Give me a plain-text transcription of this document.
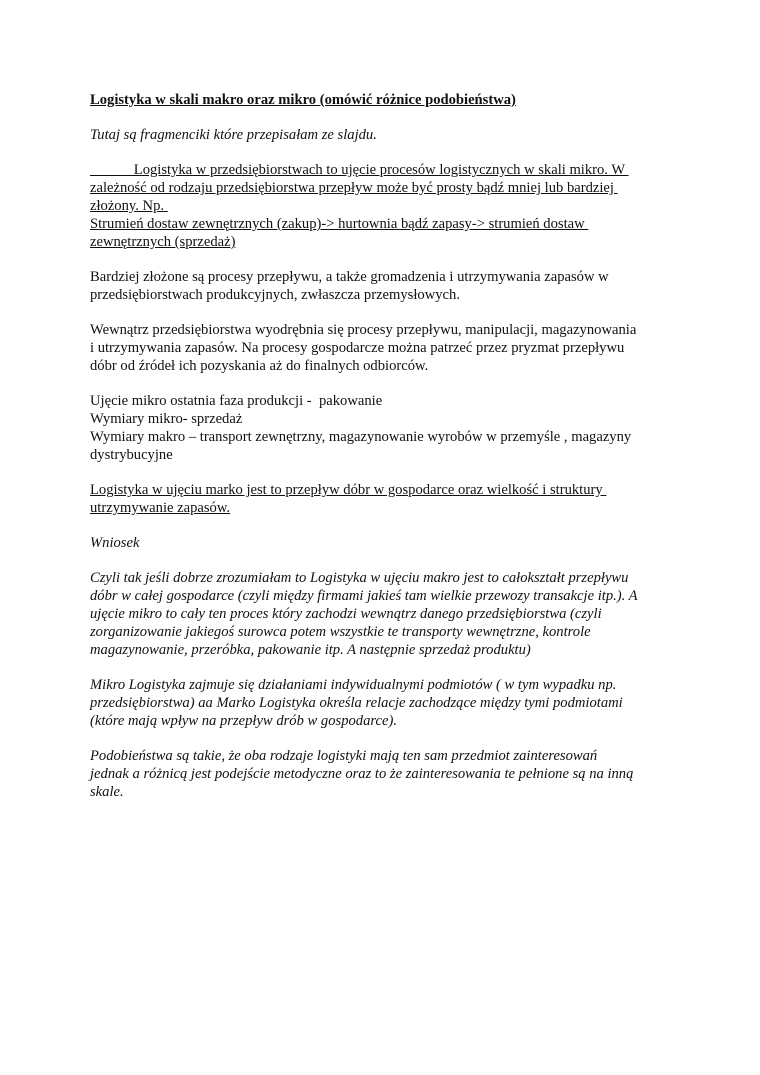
Logistyka w skali makro oraz mikro (omówić różnice podobieństwa)
Tutaj są fragmenciki które przepisałam ze slajdu.
Logistyka w przedsiębiorstwach to ujęcie procesów logistycznych w skali mikro. W
zależność od rodzaju przedsiębiorstwa przepływ może być prosty bądź mniej lub bardziej
złożony. Np.
Strumień dostaw zewnętrznych (zakup)-> hurtownia bądź zapasy-> strumień dostaw
zewnętrznych (sprzedaż)
Bardziej złożone są procesy przepływu, a także gromadzenia i utrzymywania zapasów w
przedsiębiorstwach produkcyjnych, zwłaszcza przemysłowych.
Wewnątrz przedsiębiorstwa wyodrębnia się procesy przepływu, manipulacji, magazynowania
i utrzymywania zapasów. Na procesy gospodarcze można patrzeć przez pryzmat przepływu
dóbr od źródeł ich pozyskania aż do finalnych odbiorców.
Ujęcie mikro ostatnia faza produkcji -  pakowanie
Wymiary mikro- sprzedaż
Wymiary makro – transport zewnętrzny, magazynowanie wyrobów w przemyśle , magazyny
dystrybucyjne
Logistyka w ujęciu marko jest to przepływ dóbr w gospodarce oraz wielkość i struktury
utrzymywanie zapasów.
Wniosek
Czyli tak jeśli dobrze zrozumiałam to Logistyka w ujęciu makro jest to całokształt przepływu
dóbr w całej gospodarce (czyli między firmami jakieś tam wielkie przewozy transakcje itp.). A
ujęcie mikro to cały ten proces który zachodzi wewnątrz danego przedsiębiorstwa (czyli
zorganizowanie jakiegoś surowca potem wszystkie te transporty wewnętrzne, kontrole
magazynowanie, przeróbka, pakowanie itp. A następnie sprzedaż produktu)
Mikro Logistyka zajmuje się działaniami indywidualnymi podmiotów ( w tym wypadku np.
przedsiębiorstwa) aa Marko Logistyka określa relacje zachodzące między tymi podmiotami
(które mają wpływ na przepływ drób w gospodarce).
Podobieństwa są takie, że oba rodzaje logistyki mają ten sam przedmiot zainteresowań
jednak a różnicą jest podejście metodyczne oraz to że zainteresowania te pełnione są na inną
skale.
